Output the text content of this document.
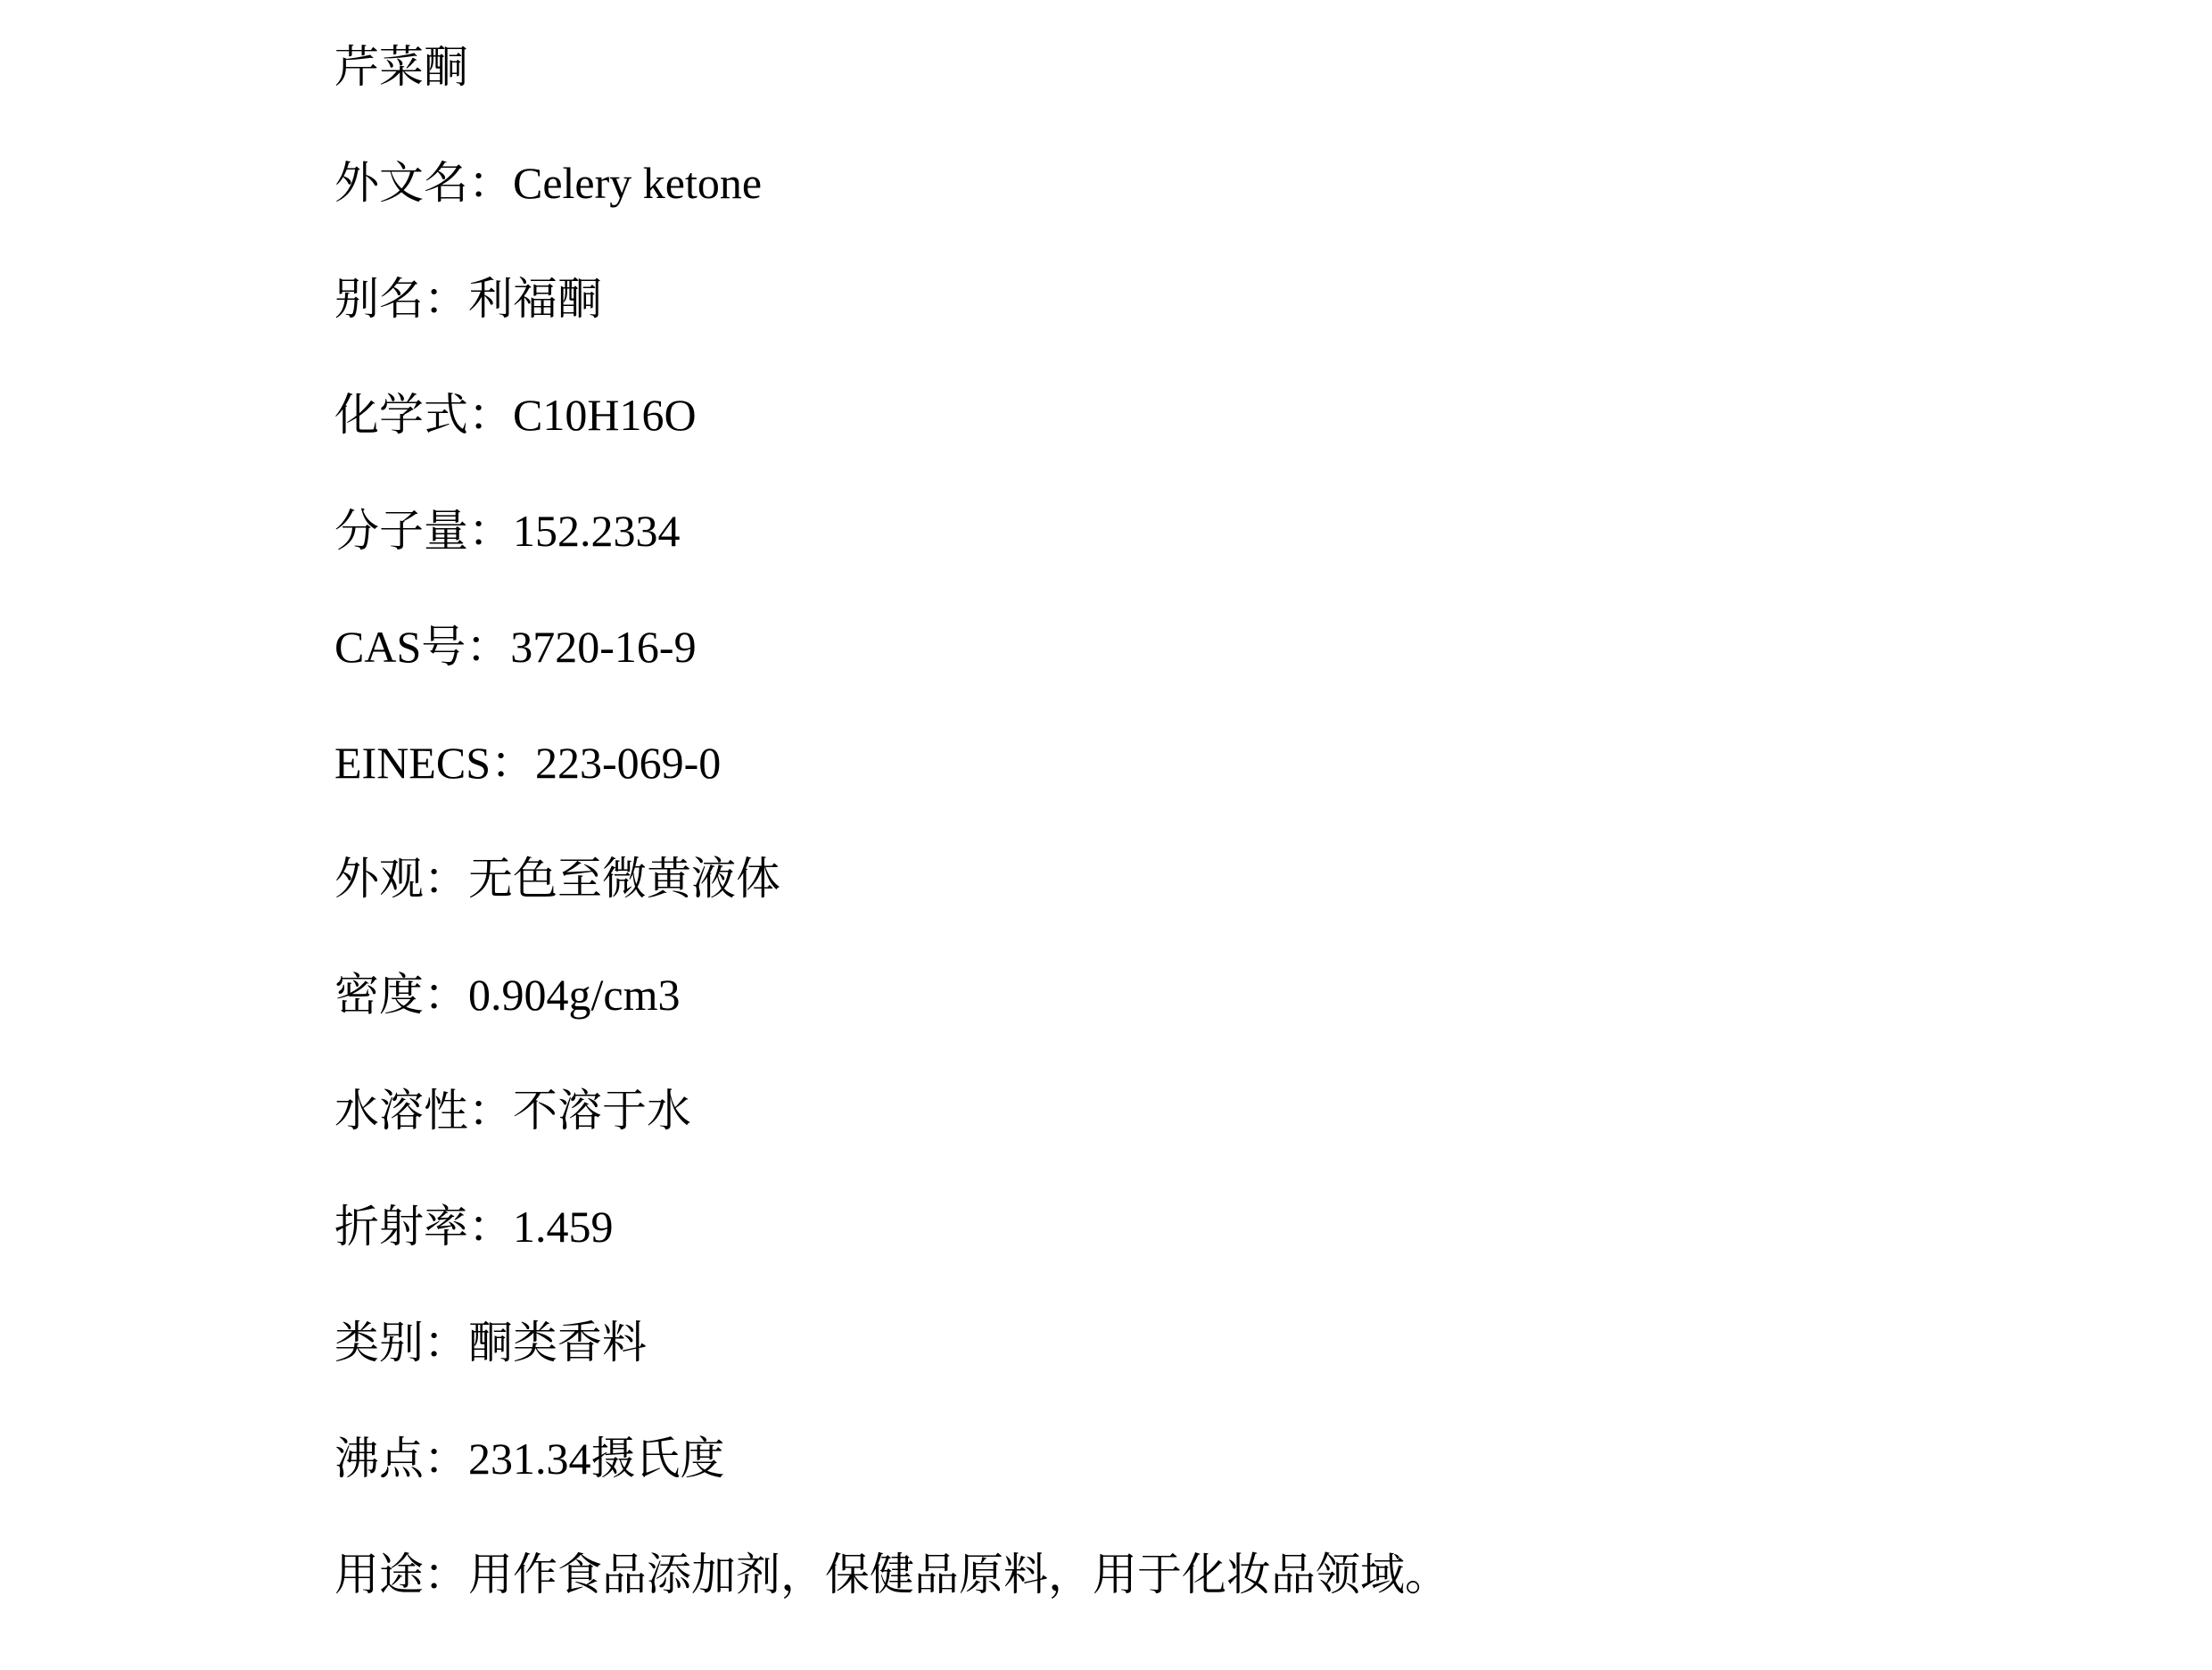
芹菜酮

外文名：Celery ketone

别名：利福酮

化学式：C10H16O

分子量：152.2334

CAS号：3720-16-9

EINECS：223-069-0

外观：无色至微黄液体

密度：0.904g/cm3

水溶性：不溶于水

折射率：1.459

类别：酮类香料

沸点：231.34摄氏度

用途：用作食品添加剂，保健品原料，用于化妆品领域。
